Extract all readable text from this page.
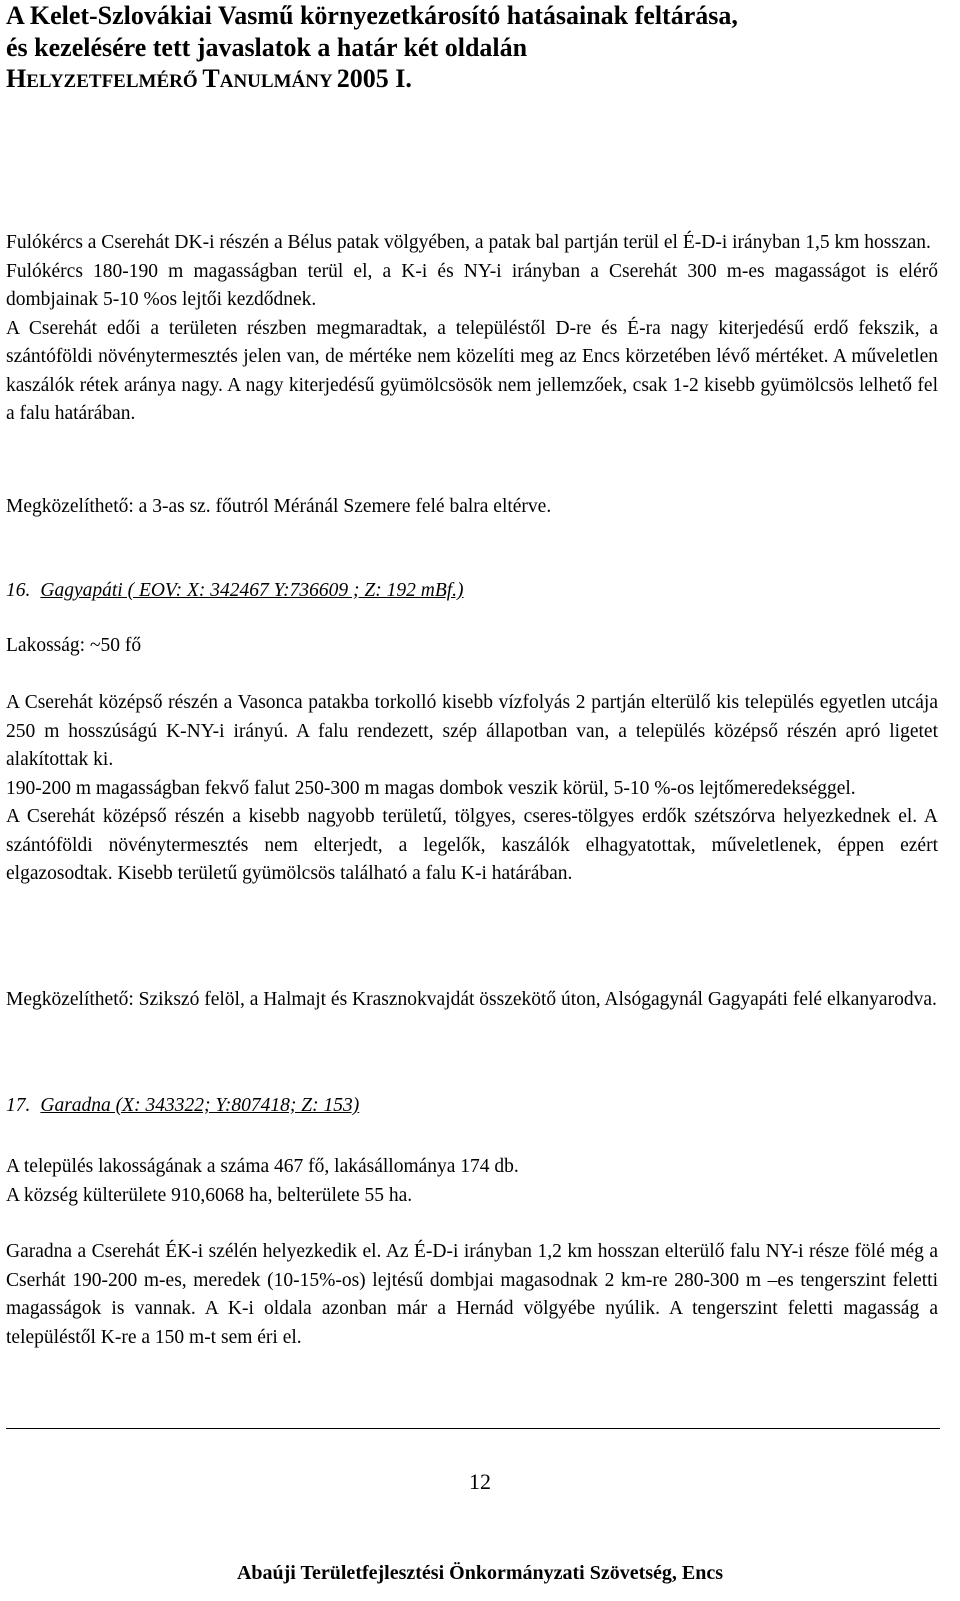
A Kelet-Szlovákiai Vasmű környezetkárosító hatásainak feltárása,
és kezelésére tett javaslatok a határ két oldalán
HELYZETFELMÉRŐ TANULMÁNY 2005 I.

Fulókércs a Cserehát DK-i részén a Bélus patak völgyében, a patak bal partján terül el É-D-i irányban 1,5 km hosszan.

Fulókércs 180-190 m magasságban terül el, a K-i és NY-i irányban a Cserehát 300 m-es magasságot is elérő dombjainak 5-10 %os lejtői kezdődnek.

A Cserehát edői a területen részben megmaradtak, a településtől D-re és É-ra nagy kiterjedésű erdő fekszik, a szántóföldi növénytermesztés jelen van, de mértéke nem közelíti meg az Encs körzetében lévő mértéket. A műveletlen kaszálók rétek aránya nagy. A nagy kiterjedésű gyümölcsösök nem jellemzőek, csak 1-2 kisebb gyümölcsös lelhető fel a falu határában.

Megközelíthető: a 3-as sz. főutról Méránál Szemere felé balra eltérve.

16. Gagyapáti ( EOV: X: 342467 Y:736609 ; Z: 192 mBf.)

Lakosság: ~50 fő

A Cserehát középső részén a Vasonca patakba torkolló kisebb vízfolyás 2 partján elterülő kis település egyetlen utcája 250 m hosszúságú K-NY-i irányú. A falu rendezett, szép állapotban van, a település középső részén apró ligetet alakítottak ki.

190-200 m magasságban fekvő falut 250-300 m magas dombok veszik körül, 5-10 %-os lejtőmeredekséggel.

A Cserehát középső részén a kisebb nagyobb területű, tölgyes, cseres-tölgyes erdők szétszórva helyezkednek el. A szántóföldi növénytermesztés nem elterjedt, a legelők, kaszálók elhagyatottak, műveletlenek, éppen ezért elgazosodtak. Kisebb területű gyümölcsös található a falu K-i határában.

Megközelíthető: Szikszó felöl, a Halmajt és Krasznokvajdát összekötő úton, Alsógagynál Gagyapáti felé elkanyarodva.

17. Garadna (X: 343322; Y:807418; Z: 153)

A település lakosságának a száma 467 fő, lakásállománya 174 db.

A község külterülete 910,6068 ha, belterülete 55 ha.

Garadna a Cserehát ÉK-i szélén helyezkedik el. Az É-D-i irányban 1,2 km hosszan elterülő falu NY-i része fölé még a Cserhát 190-200 m-es, meredek (10-15%-os) lejtésű dombjai magasodnak 2 km-re 280-300 m –es tengerszint feletti magasságok is vannak. A K-i oldala azonban már a Hernád völgyébe nyúlik. A tengerszint feletti magasság a településtől K-re a 150 m-t sem éri el.

12
Abaúji Területfejlesztési Önkormányzati Szövetség, Encs
